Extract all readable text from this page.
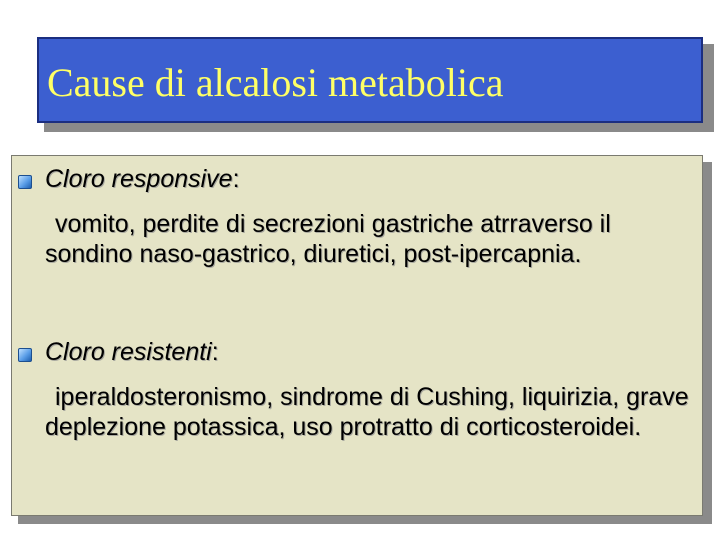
Cause di alcalosi metabolica
Cloro responsive:
vomito, perdite di secrezioni gastriche atrraverso il sondino naso-gastrico, diuretici, post-ipercapnia.
Cloro resistenti:
iperaldosteronismo, sindrome di Cushing, liquirizia, grave deplezione potassica, uso protratto di corticosteroidei.
